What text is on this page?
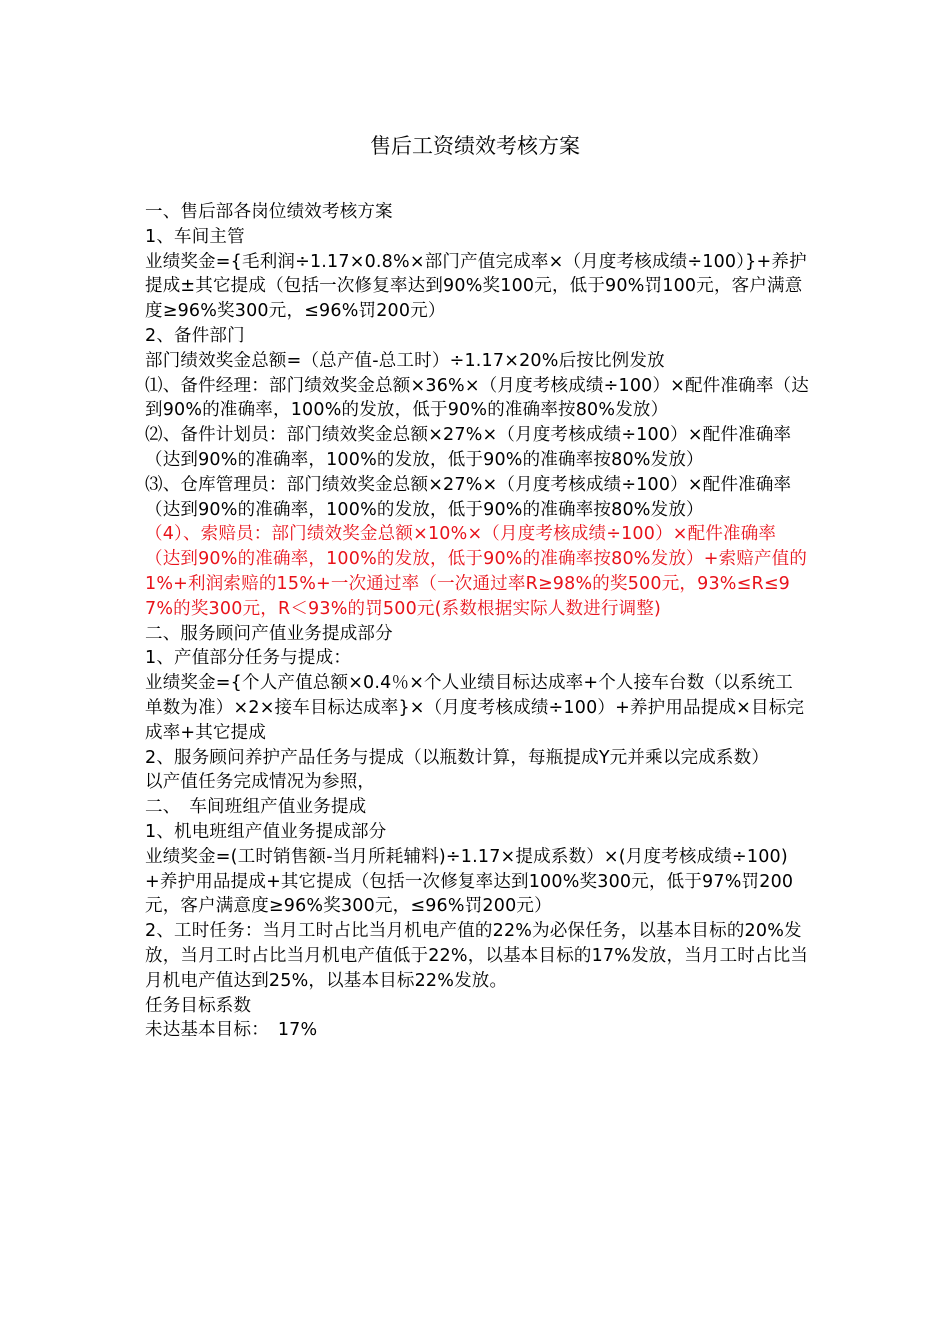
售后工资绩效考核方案

一、售后部各岗位绩效考核方案

1、车间主管

业绩奖金={毛利润÷1.17×0.8%×部门产值完成率×（月度考核成绩÷100）}+养护提成±其它提成（包括一次修复率达到90%奖100元，低于90%罚100元，客户满意度≥96%奖300元，≤96%罚200元）

2、备件部门

部门绩效奖金总额=（总产值-总工时）÷1.17×20%后按比例发放

⑴、备件经理：部门绩效奖金总额×36%×（月度考核成绩÷100）×配件准确率（达到90%的准确率，100%的发放，低于90%的准确率按80%发放）

⑵、备件计划员：部门绩效奖金总额×27%×（月度考核成绩÷100）×配件准确率（达到90%的准确率，100%的发放，低于90%的准确率按80%发放）

⑶、仓库管理员：部门绩效奖金总额×27%×（月度考核成绩÷100）×配件准确率（达到90%的准确率，100%的发放，低于90%的准确率按80%发放）

（4）、索赔员：部门绩效奖金总额×10%×（月度考核成绩÷100）×配件准确率（达到90%的准确率，100%的发放，低于90%的准确率按80%发放）+索赔产值的1%+利润索赔的15%+一次通过率（一次通过率R≥98%的奖500元，93%≤R≤97%的奖300元，R＜93%的罚500元(系数根据实际人数进行调整)

二、服务顾问产值业务提成部分

1、产值部分任务与提成：

业绩奖金={个人产值总额×0.4％×个人业绩目标达成率+个人接车台数（以系统工单数为准）×2×接车目标达成率}×（月度考核成绩÷100）+养护用品提成×目标完成率+其它提成

2、服务顾问养护产品任务与提成（以瓶数计算，每瓶提成Y元并乘以完成系数）

以产值任务完成情况为参照，

二、　车间班组产值业务提成

1、机电班组产值业务提成部分

业绩奖金=(工时销售额-当月所耗辅料)÷1.17×提成系数）×(月度考核成绩÷100)+养护用品提成+其它提成（包括一次修复率达到100%奖300元，低于97%罚200元，客户满意度≥96%奖300元，≤96%罚200元）

2、工时任务：当月工时占比当月机电产值的22%为必保任务，以基本目标的20%发放，当月工时占比当月机电产值低于22%，以基本目标的17%发放，当月工时占比当月机电产值达到25%，以基本目标22%发放。

任务目标系数

未达基本目标：　17%
